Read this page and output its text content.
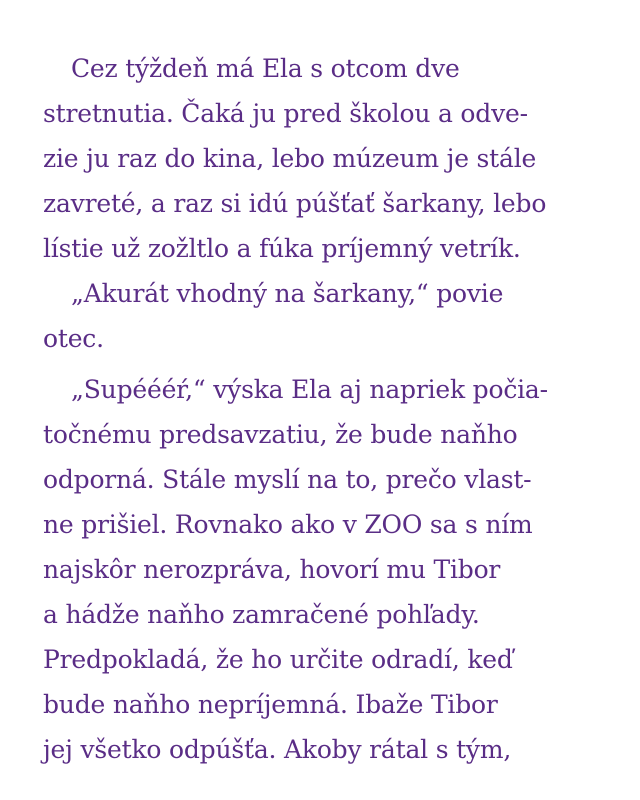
Cez týždeň má Ela s otcom dve
stretnutia. Čaká ju pred školou a odve-
zie ju raz do kina, lebo múzeum je stále
zavreté, a raz si idú púšťať šarkany, lebo
lístie už zožltlo a fúka príjemný vetrík.
„Akurát vhodný na šarkany,“ povie
otec.
„Supéééŕ,“ výska Ela aj napriek počia-
točnému predsavzatiu, že bude naňho
odporná. Stále myslí na to, prečo vlast-
ne prišiel. Rovnako ako v ZOO sa s ním
najskôr nerozpráva, hovorí mu Tibor
a hádže naňho zamračené pohľady.
Predpokladá, že ho určite odradí, keď
bude naňho nepríjemná. Ibaže Tibor
jej všetko odpúšťa. Akoby rátal s tým,
